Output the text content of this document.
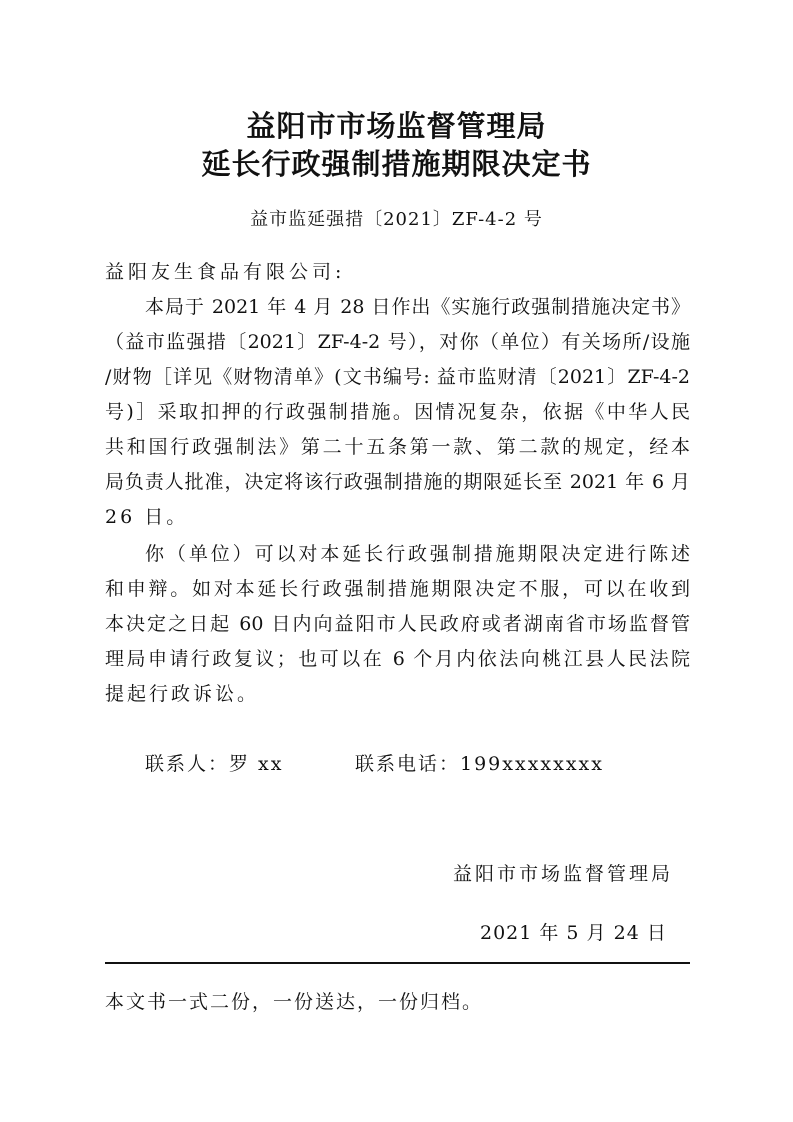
益阳市市场监督管理局
延长行政强制措施期限决定书
益市监延强措〔2021〕ZF-4-2 号
益阳友生食品有限公司:
本局于 2021 年 4 月 28 日作出《实施行政强制措施决定书》
（益市监强措〔2021〕ZF-4-2 号），对你（单位）有关场所/设施
/财物［详见《财物清单》(文书编号: 益市监财清〔2021〕ZF-4-2
号)］采取扣押的行政强制措施。因情况复杂，依据《中华人民
共和国行政强制法》第二十五条第一款、第二款的规定，经本
局负责人批准，决定将该行政强制措施的期限延长至 2021 年 6 月
26 日。
你（单位）可以对本延长行政强制措施期限决定进行陈述
和申辩。如对本延长行政强制措施期限决定不服，可以在收到
本决定之日起 60 日内向益阳市人民政府或者湖南省市场监督管
理局申请行政复议；也可以在 6 个月内依法向桃江县人民法院
提起行政诉讼。
联系人：罗 xx	联系电话：199xxxxxxxx
益阳市市场监督管理局
2021 年 5 月 24 日
本文书一式二份，一份送达，一份归档。
